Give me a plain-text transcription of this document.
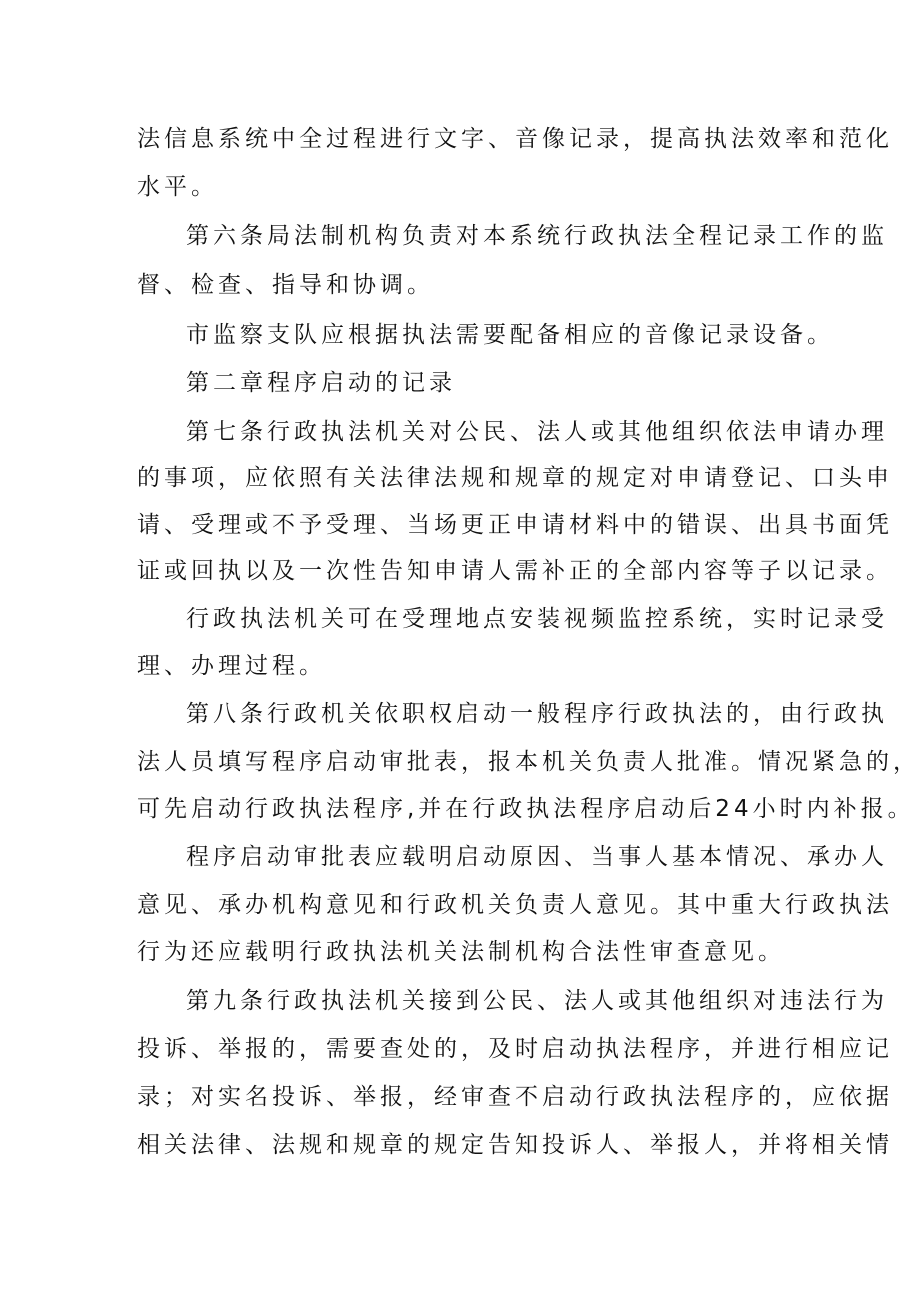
法信息系统中全过程进行文字、音像记录，提高执法效率和范化
水平。
第六条局法制机构负责对本系统行政执法全程记录工作的监
督、检查、指导和协调。
市监察支队应根据执法需要配备相应的音像记录设备。
第二章程序启动的记录
第七条行政执法机关对公民、法人或其他组织依法申请办理
的事项，应依照有关法律法规和规章的规定对申请登记、口头申
请、受理或不予受理、当场更正申请材料中的错误、出具书面凭
证或回执以及一次性告知申请人需补正的全部内容等子以记录。
行政执法机关可在受理地点安装视频监控系统，实时记录受
理、办理过程。
第八条行政机关依职权启动一般程序行政执法的，由行政执
法人员填写程序启动审批表，报本机关负责人批准。情况紧急的，
可先启动行政执法程序,并在行政执法程序启动后24小时内补报。
程序启动审批表应载明启动原因、当事人基本情况、承办人
意见、承办机构意见和行政机关负责人意见。其中重大行政执法
行为还应载明行政执法机关法制机构合法性审查意见。
第九条行政执法机关接到公民、法人或其他组织对违法行为
投诉、举报的，需要查处的，及时启动执法程序，并进行相应记
录；对实名投诉、举报，经审查不启动行政执法程序的，应依据
相关法律、法规和规章的规定告知投诉人、举报人，并将相关情
